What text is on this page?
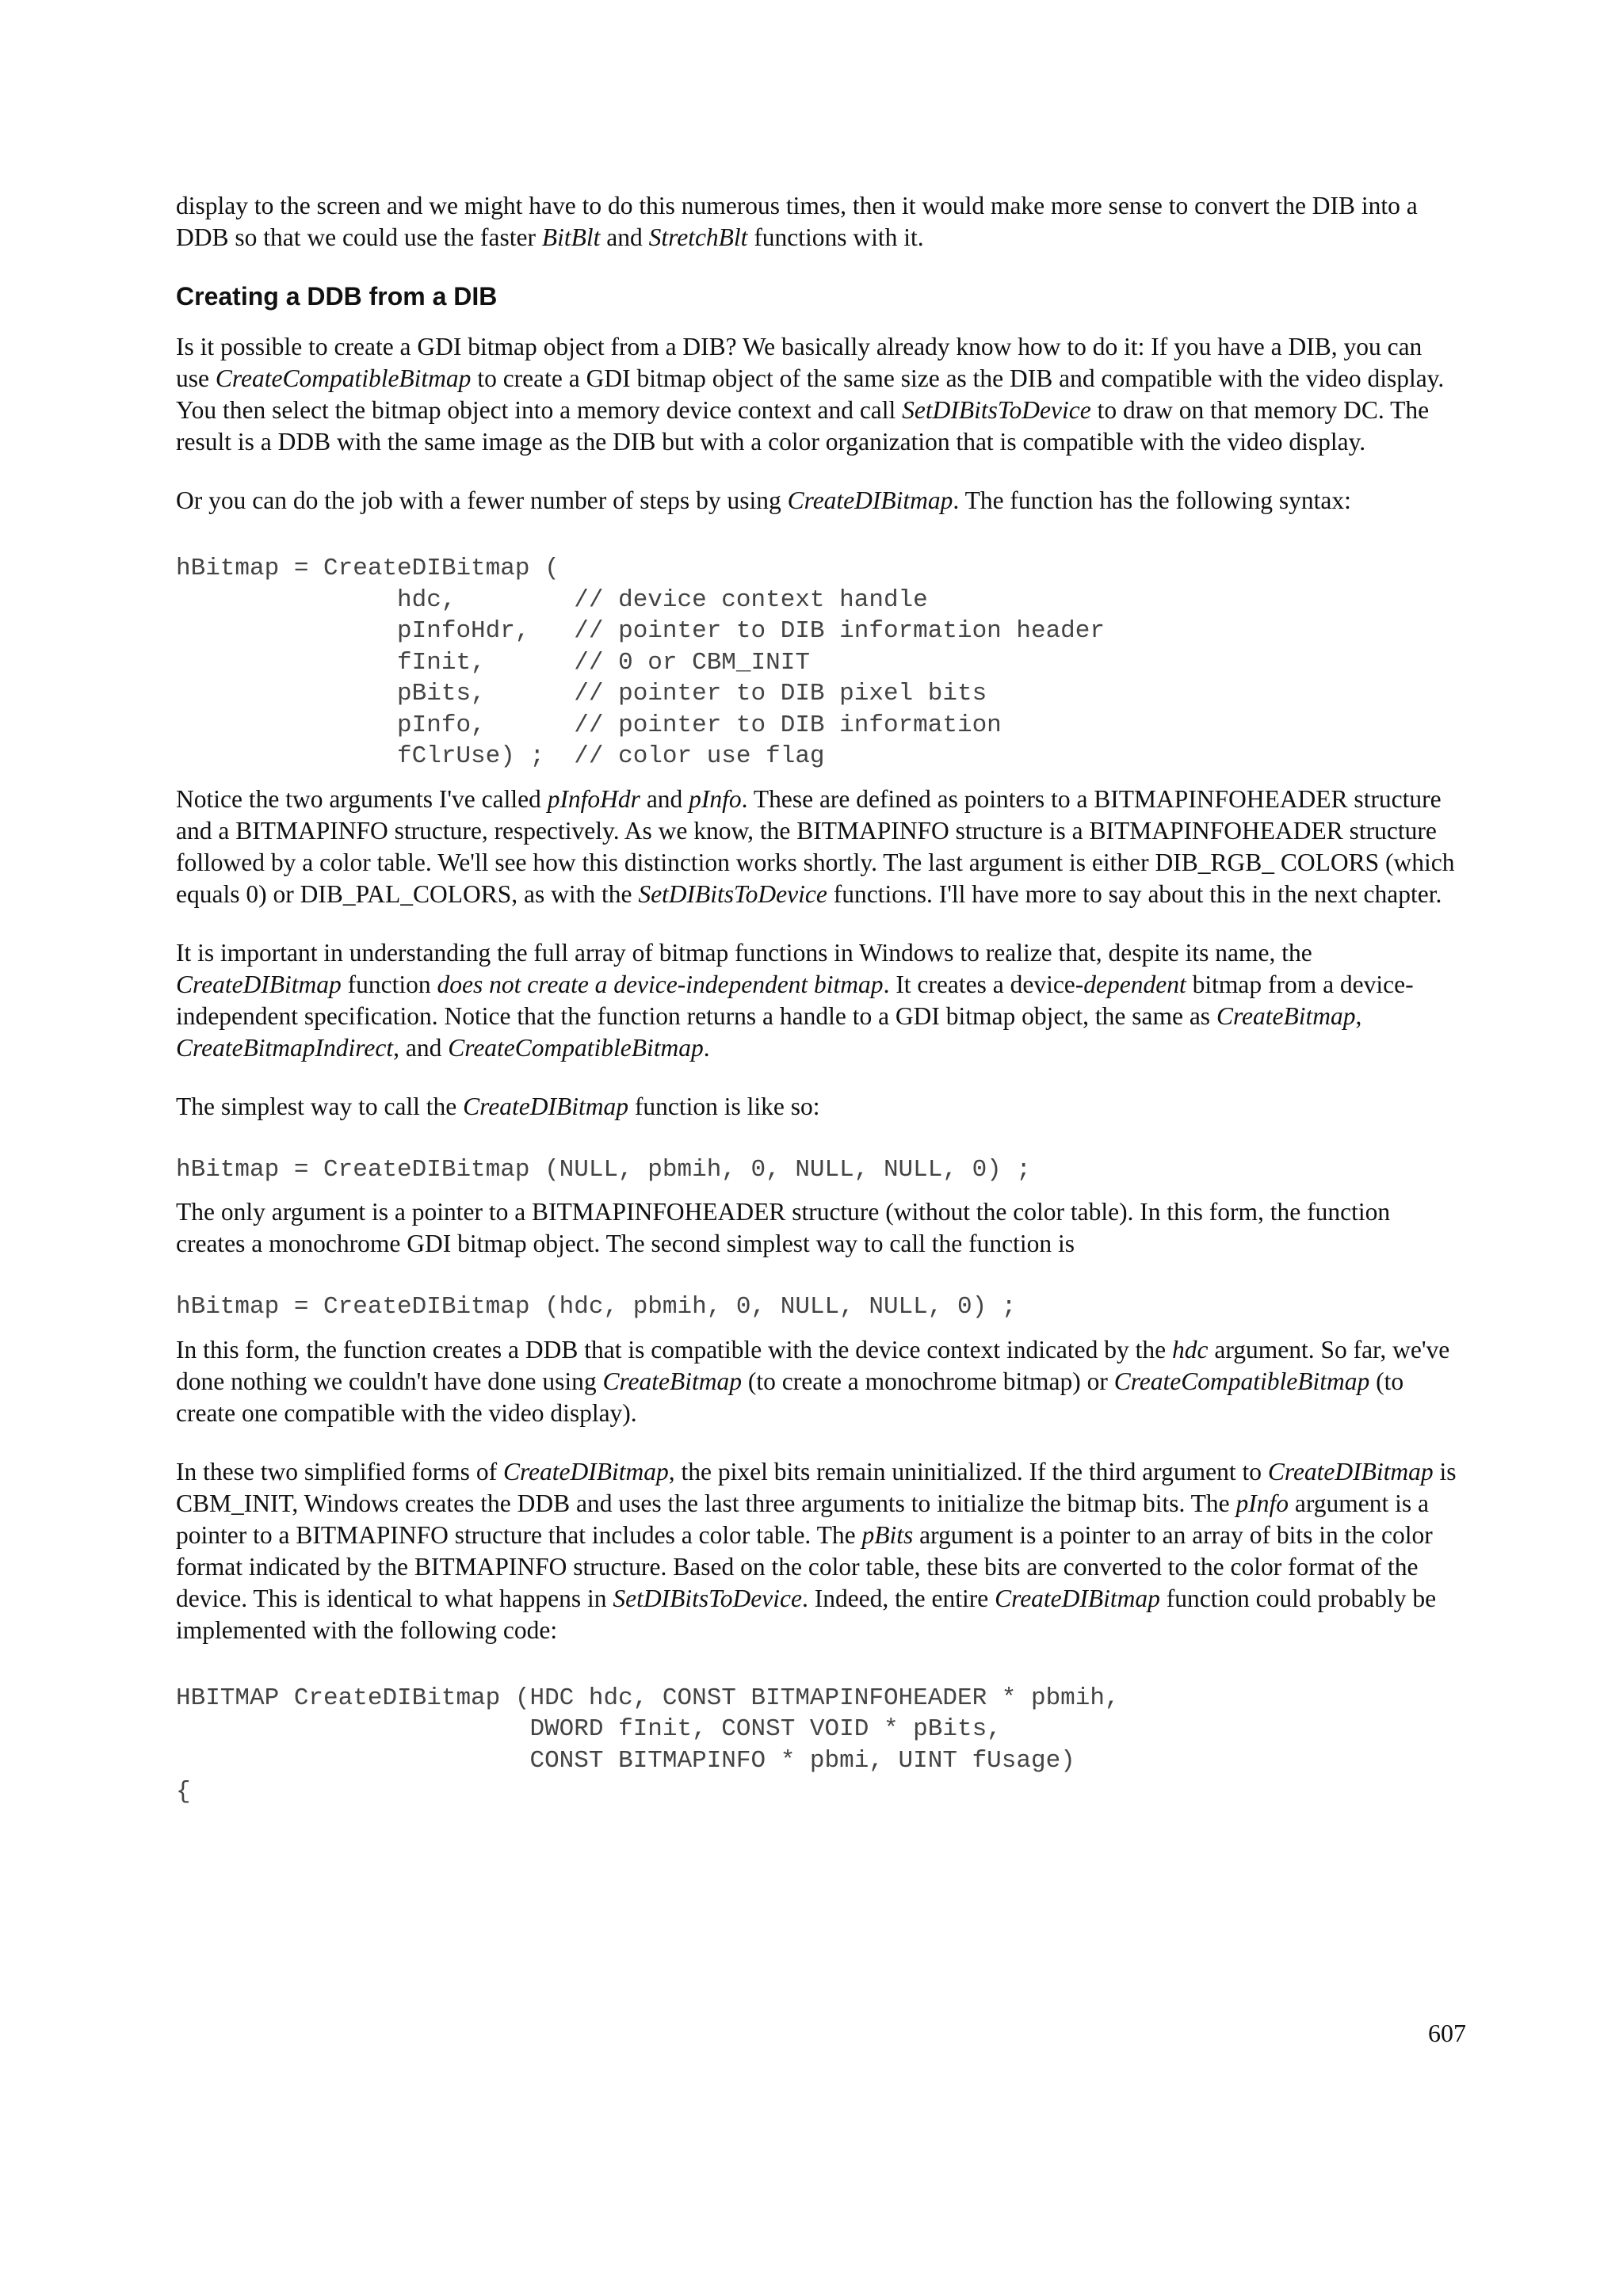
display to the screen and we might have to do this numerous times, then it would make more sense to convert the DIB into a DDB so that we could use the faster BitBlt and StretchBlt functions with it.

Creating a DDB from a DIB

Is it possible to create a GDI bitmap object from a DIB? We basically already know how to do it: If you have a DIB, you can use CreateCompatibleBitmap to create a GDI bitmap object of the same size as the DIB and compatible with the video display. You then select the bitmap object into a memory device context and call SetDIBitsToDevice to draw on that memory DC. The result is a DDB with the same image as the DIB but with a color organization that is compatible with the video display.

Or you can do the job with a fewer number of steps by using CreateDIBitmap. The function has the following syntax:

hBitmap = CreateDIBitmap (
hdc,        // device context handle
pInfoHdr,   // pointer to DIB information header
fInit,      // 0 or CBM_INIT
pBits,      // pointer to DIB pixel bits
pInfo,      // pointer to DIB information
fClrUse) ;  // color use flag

Notice the two arguments I've called pInfoHdr and pInfo. These are defined as pointers to a BITMAPINFOHEADER structure and a BITMAPINFO structure, respectively. As we know, the BITMAPINFO structure is a BITMAPINFOHEADER structure followed by a color table. We'll see how this distinction works shortly. The last argument is either DIB_RGB_ COLORS (which equals 0) or DIB_PAL_COLORS, as with the SetDIBitsToDevice functions. I'll have more to say about this in the next chapter.

It is important in understanding the full array of bitmap functions in Windows to realize that, despite its name, the CreateDIBitmap function does not create a device-independent bitmap. It creates a device-dependent bitmap from a device-independent specification. Notice that the function returns a handle to a GDI bitmap object, the same as CreateBitmap, CreateBitmapIndirect, and CreateCompatibleBitmap.

The simplest way to call the CreateDIBitmap function is like so:

hBitmap = CreateDIBitmap (NULL, pbmih, 0, NULL, NULL, 0) ;

The only argument is a pointer to a BITMAPINFOHEADER structure (without the color table). In this form, the function creates a monochrome GDI bitmap object. The second simplest way to call the function is

hBitmap = CreateDIBitmap (hdc, pbmih, 0, NULL, NULL, 0) ;

In this form, the function creates a DDB that is compatible with the device context indicated by the hdc argument. So far, we've done nothing we couldn't have done using CreateBitmap (to create a monochrome bitmap) or CreateCompatibleBitmap (to create one compatible with the video display).

In these two simplified forms of CreateDIBitmap, the pixel bits remain uninitialized. If the third argument to CreateDIBitmap is CBM_INIT, Windows creates the DDB and uses the last three arguments to initialize the bitmap bits. The pInfo argument is a pointer to a BITMAPINFO structure that includes a color table. The pBits argument is a pointer to an array of bits in the color format indicated by the BITMAPINFO structure. Based on the color table, these bits are converted to the color format of the device. This is identical to what happens in SetDIBitsToDevice. Indeed, the entire CreateDIBitmap function could probably be implemented with the following code:

HBITMAP CreateDIBitmap (HDC hdc, CONST BITMAPINFOHEADER * pbmih,
DWORD fInit, CONST VOID * pBits,
CONST BITMAPINFO * pbmi, UINT fUsage)
{
607
